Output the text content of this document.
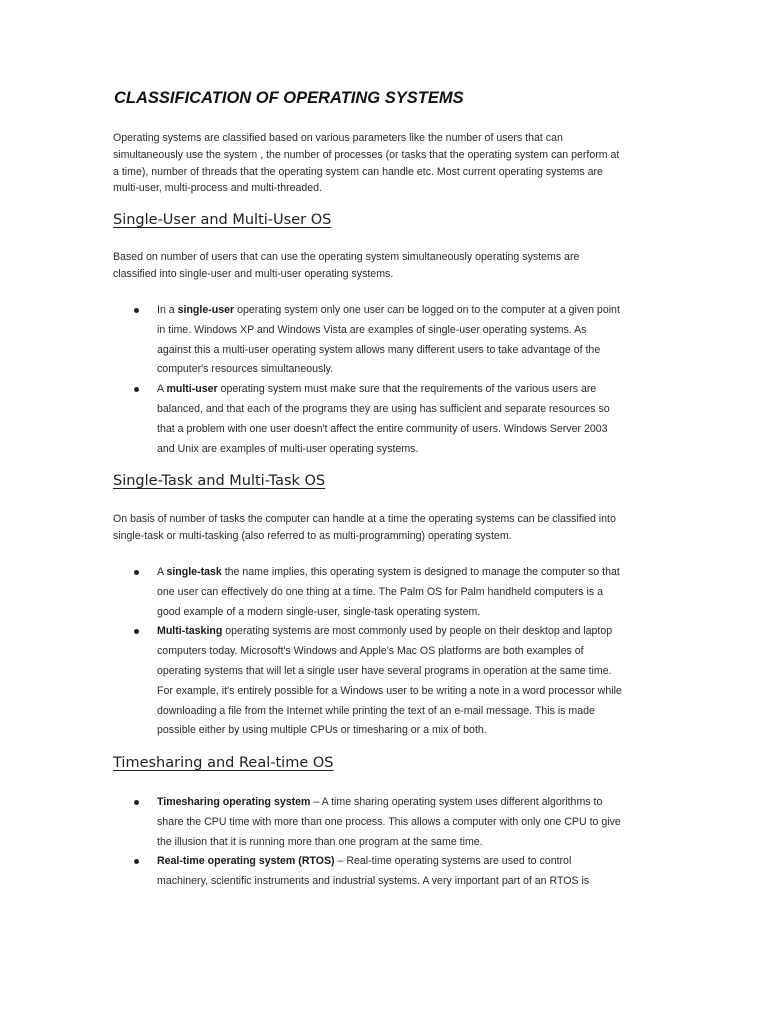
CLASSIFICATION OF OPERATING SYSTEMS

Operating systems are classified based on various parameters like the number of users that can
simultaneously use the system , the number of processes (or tasks that the operating system can perform at
a time), number of threads that the operating system can handle etc. Most current operating systems are
multi-user, multi-process and multi-threaded.

Single-User and Multi-User OS

Based on number of users that can use the operating system simultaneously operating systems are
classified into single-user and multi-user operating systems.

In a single-user operating system only one user can be logged on to the computer at a given point
in time. Windows XP and Windows Vista are examples of single-user operating systems. As
against this a multi-user operating system allows many different users to take advantage of the
computer's resources simultaneously.
A multi-user operating system must make sure that the requirements of the various users are
balanced, and that each of the programs they are using has sufficient and separate resources so
that a problem with one user doesn't affect the entire community of users. Windows Server 2003
and Unix are examples of multi-user operating systems.
Single-Task and Multi-Task OS

On basis of number of tasks the computer can handle at a time the operating systems can be classified into
single-task or multi-tasking (also referred to as multi-programming) operating system.

A single-task the name implies, this operating system is designed to manage the computer so that
one user can effectively do one thing at a time. The Palm OS for Palm handheld computers is a
good example of a modern single-user, single-task operating system.
Multi-tasking operating systems are most commonly used by people on their desktop and laptop
computers today. Microsoft's Windows and Apple's Mac OS platforms are both examples of
operating systems that will let a single user have several programs in operation at the same time.
For example, it's entirely possible for a Windows user to be writing a note in a word processor while
downloading a file from the Internet while printing the text of an e-mail message. This is made
possible either by using multiple CPUs or timesharing or a mix of both.
Timesharing and Real-time OS
Timesharing operating system – A time sharing operating system uses different algorithms to
share the CPU time with more than one process. This allows a computer with only one CPU to give
the illusion that it is running more than one program at the same time.
Real-time operating system (RTOS) – Real-time operating systems are used to control
machinery, scientific instruments and industrial systems. A very important part of an RTOS is
